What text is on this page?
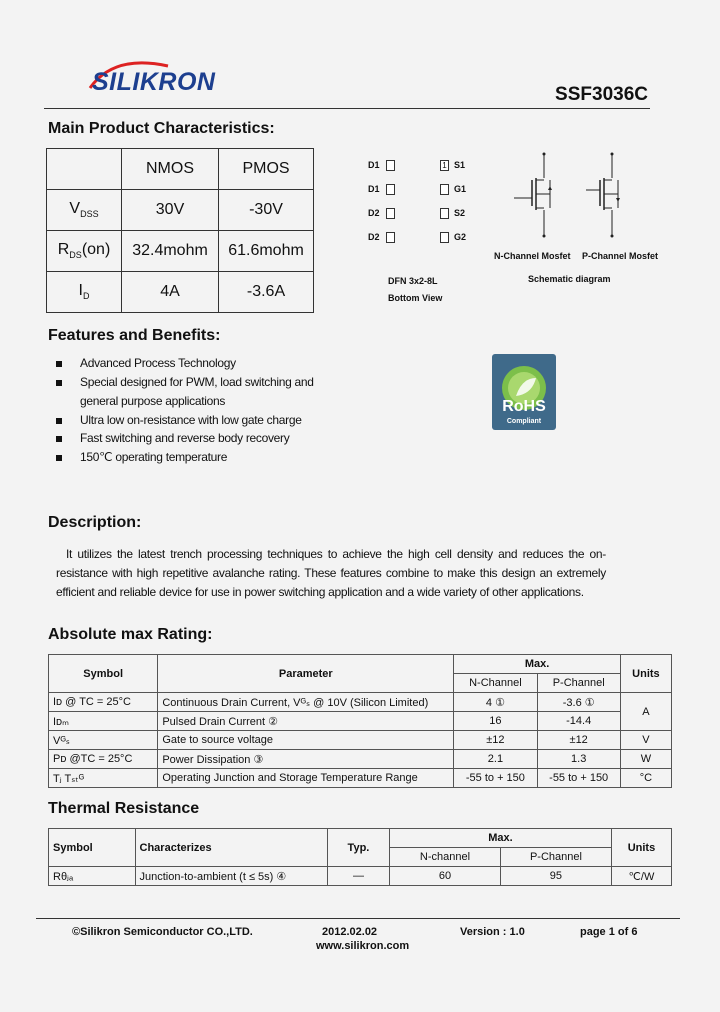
SILIKRON	SSF3036C
Main Product Characteristics:
	NMOS	PMOS
$V_{DSS}$	30V	-30V
$R_{DS}(on)$	32.4mohm	61.6mohm
$I_D$	4A	-3.6A
D1
D1
D2
D2
1 S1
G1
S2
G2
DFN 3x2-8L
Bottom View
N-Channel Mosfet P-Channel Mosfet
Schematic diagram
Features and Benefits:
Advanced Process Technology
Special designed for PWM, load switching and
general purpose applications
Ultra low on-resistance with low gate charge
Fast switching and reverse body recovery
150℃ operating temperature
RoHS
Compliant
Description:
It utilizes the latest trench processing techniques to achieve the high cell density and reduces the on-resistance with high repetitive avalanche rating. These features combine to make this design an extremely efficient and reliable device for use in power switching application and a wide variety of other applications.
Absolute max Rating:
Symbol	Parameter	Max.		Units
		N-Channel	P-Channel	
Iᴅ @ TC = 25°C	Continuous Drain Current, Vᴳₛ @ 10V (Silicon Limited)	4 ①	-3.6 ①	A
Iᴅₘ	Pulsed Drain Current ②	16	-14.4	
Vᴳₛ	Gate to source voltage	±12	±12	V
Pᴅ @TC = 25°C	Power Dissipation ③	2.1	1.3	W
Tⱼ Tₛₜᴳ	Operating Junction and Storage Temperature Range	-55 to + 150	-55 to + 150	°C
Thermal Resistance
Symbol	Characterizes	Typ.	Max.		Units
			N-channel	P-Channel	
Rθⱼₐ	Junction-to-ambient (t ≤ 5s) ④	—	60	95	℃/W
©Silikron Semiconductor CO.,LTD.	2012.02.02	Version : 1.0	page 1 of 6
www.silikron.com
